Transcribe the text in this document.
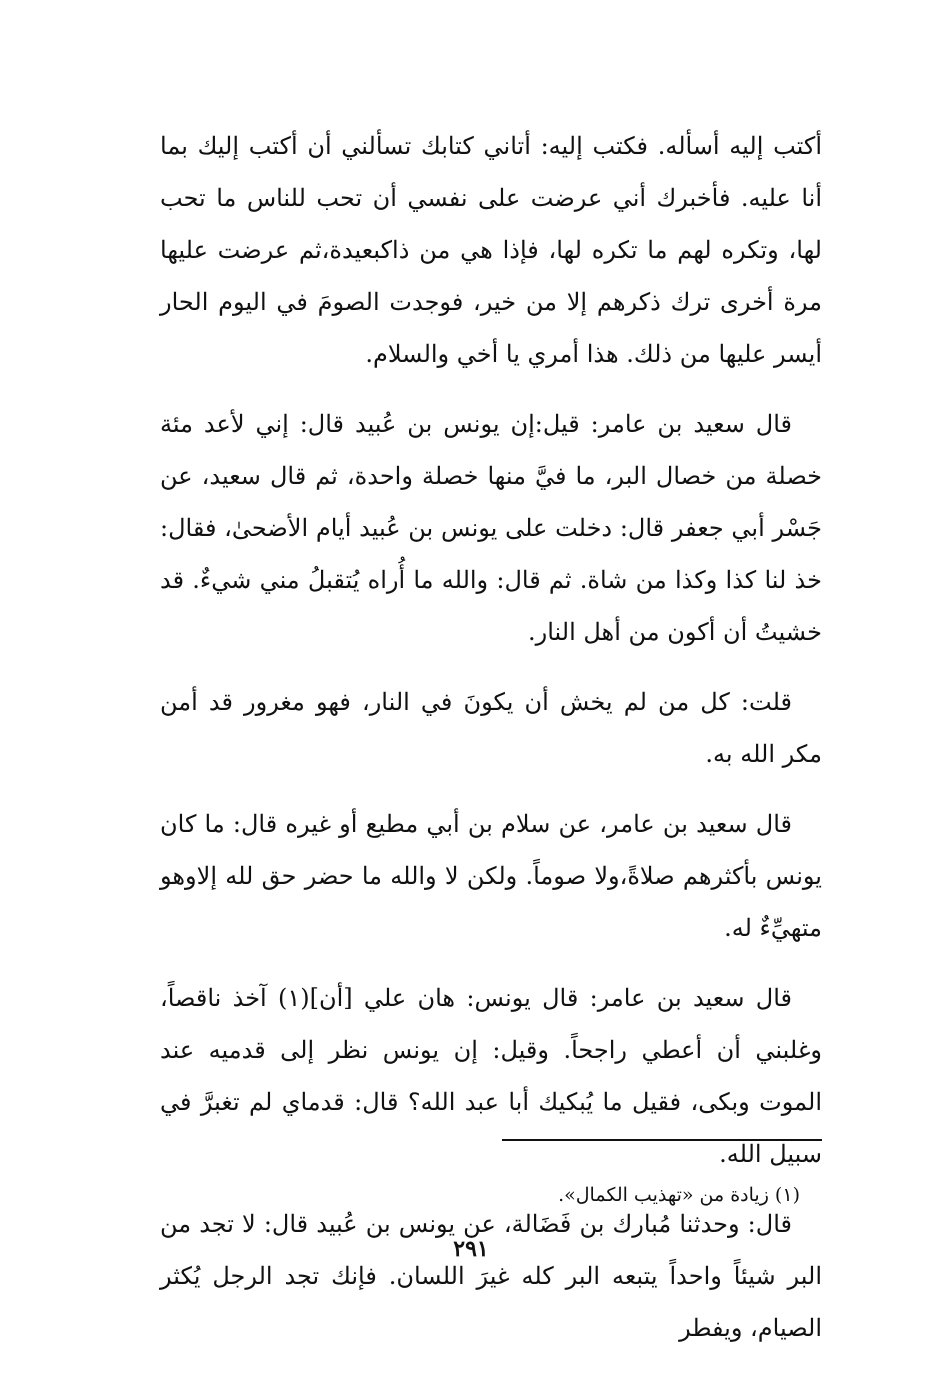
أكتب إليه أسأله. فكتب إليه: أتاني كتابك تسألني أن أكتب إليك بما أنا عليه. فأخبرك أني عرضت على نفسي أن تحب للناس ما تحب لها، وتكره لهم ما تكره لها، فإذا هي من ذاكبعيدة،ثم عرضت عليها مرة أخرى ترك ذكرهم إلا من خير، فوجدت الصومَ في اليوم الحار أيسر عليها من ذلك. هذا أمري يا أخي والسلام.

قال سعيد بن عامر: قيل:إن يونس بن عُبيد قال: إني لأعد مئة خصلة من خصال البر، ما فيَّ منها خصلة واحدة، ثم قال سعيد، عن جَسْر أبي جعفر قال: دخلت على يونس بن عُبيد أيام الأضحىٰ، فقال: خذ لنا كذا وكذا من شاة. ثم قال: والله ما أُراه يُتقبلُ مني شيءٌ. قد خشيتُ أن أكون من أهل النار.

قلت: كل من لم يخش أن يكونَ في النار، فهو مغرور قد أمن مكر الله به.

قال سعيد بن عامر، عن سلام بن أبي مطيع أو غيره قال: ما كان يونس بأكثرهم صلاةً،ولا صوماً. ولكن لا والله ما حضر حق لله إلاوهو متهيِّءٌ له.

قال سعيد بن عامر: قال يونس: هان علي [أن](١) آخذ ناقصاً، وغلبني أن أعطي راجحاً. وقيل: إن يونس نظر إلى قدميه عند الموت وبكى، فقيل ما يُبكيك أبا عبد الله؟ قال: قدماي لم تغبرَّ في سبيل الله.

قال: وحدثنا مُبارك بن فَضَالة، عن يونس بن عُبيد قال: لا تجد من البر شيئاً واحداً يتبعه البر كله غيرَ اللسان. فإنك تجد الرجل يُكثر الصيام، ويفطر

(١) زيادة من «تهذيب الكمال».
٢٩١
